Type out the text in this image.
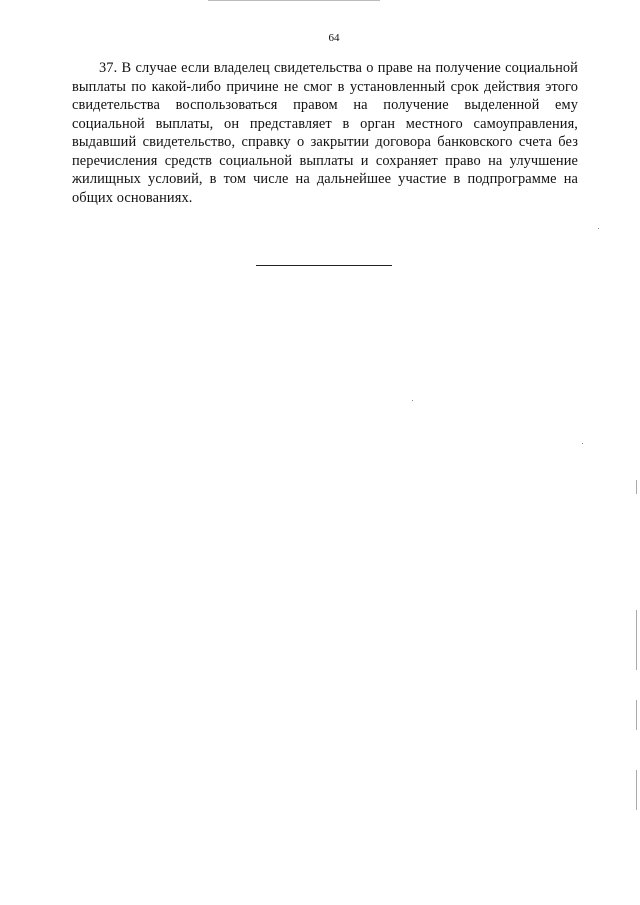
64

37. В случае если владелец свидетельства о праве на получение социальной выплаты по какой-либо причине не смог в установленный срок действия этого свидетельства воспользоваться правом на получение выделенной ему социальной выплаты, он представляет в орган местного самоуправления, выдавший свидетельство, справку о закрытии договора банковского счета без перечисления средств социальной выплаты и сохраняет право на улучшение жилищных условий, в том числе на дальнейшее участие в подпрограмме на общих основаниях.
